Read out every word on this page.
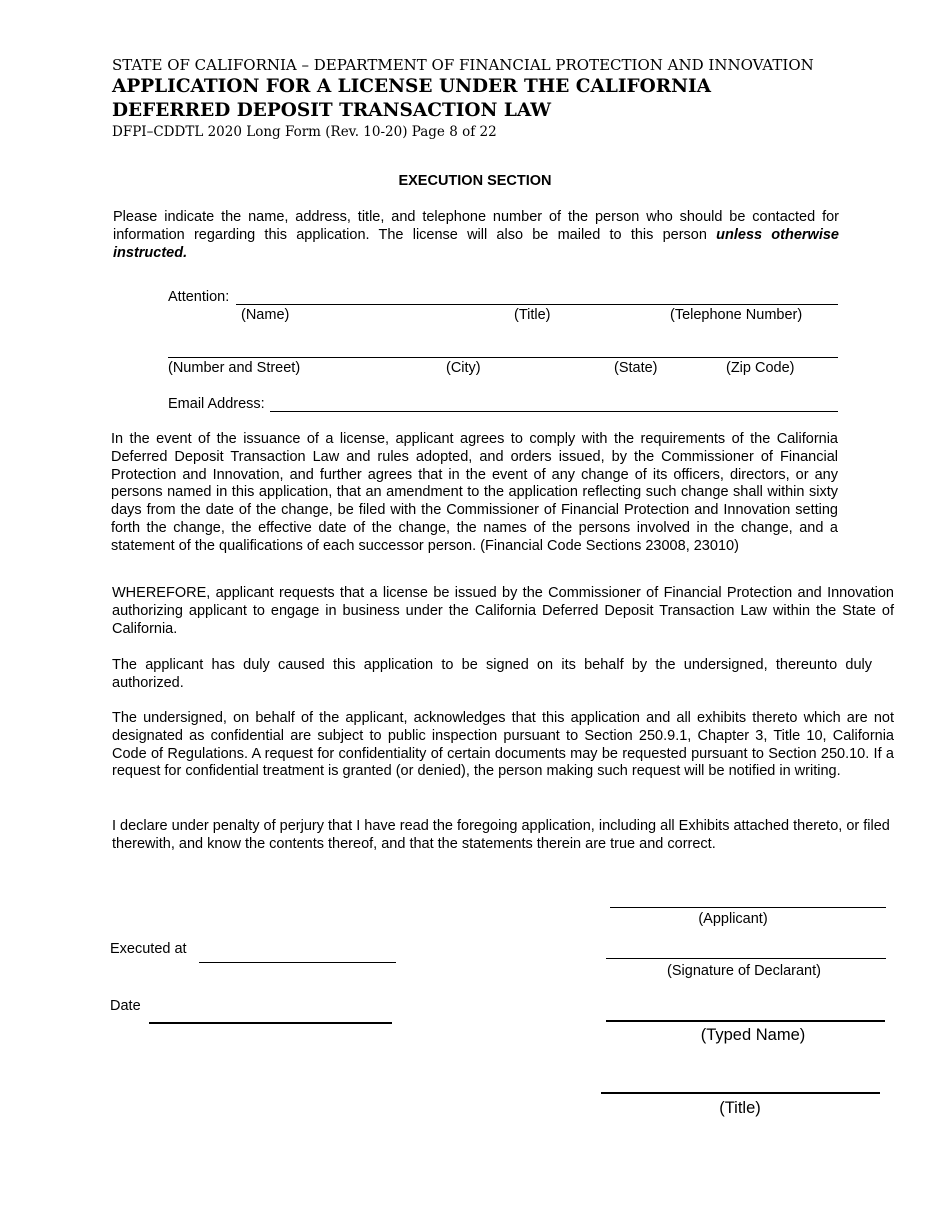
STATE OF CALIFORNIA – DEPARTMENT OF FINANCIAL PROTECTION AND INNOVATION
APPLICATION FOR A LICENSE UNDER THE CALIFORNIA
DEFERRED DEPOSIT TRANSACTION LAW
DFPI–CDDTL 2020 Long Form (Rev. 10-20) Page 8 of 22
EXECUTION SECTION

Please indicate the name, address, title, and telephone number of the person who should be contacted for information regarding this application. The license will also be mailed to this person unless otherwise instructed.

Attention:
(Name)	(Title)	(Telephone Number)
(Number and Street)	(City)	(State)	(Zip Code)
Email Address:

In the event of the issuance of a license, applicant agrees to comply with the requirements of the California Deferred Deposit Transaction Law and rules adopted, and orders issued, by the Commissioner of Financial Protection and Innovation, and further agrees that in the event of any change of its officers, directors, or any persons named in this application, that an amendment to the application reflecting such change shall within sixty days from the date of the change, be filed with the Commissioner of Financial Protection and Innovation setting forth the change, the effective date of the change, the names of the persons involved in the change, and a statement of the qualifications of each successor person. (Financial Code Sections 23008, 23010)

WHEREFORE, applicant requests that a license be issued by the Commissioner of Financial Protection and Innovation authorizing applicant to engage in business under the California Deferred Deposit Transaction Law within the State of California.

The applicant has duly caused this application to be signed on its behalf by the undersigned, thereunto duly authorized.

The undersigned, on behalf of the applicant, acknowledges that this application and all exhibits thereto which are not designated as confidential are subject to public inspection pursuant to Section 250.9.1, Chapter 3, Title 10, California Code of Regulations. A request for confidentiality of certain documents may be requested pursuant to Section 250.10. If a request for confidential treatment is granted (or denied), the person making such request will be notified in writing.

I declare under penalty of perjury that I have read the foregoing application, including all Exhibits attached thereto, or filed therewith, and know the contents thereof, and that the statements therein are true and correct.

Executed at
Date
(Applicant)
(Signature of Declarant)
(Typed Name)
(Title)
